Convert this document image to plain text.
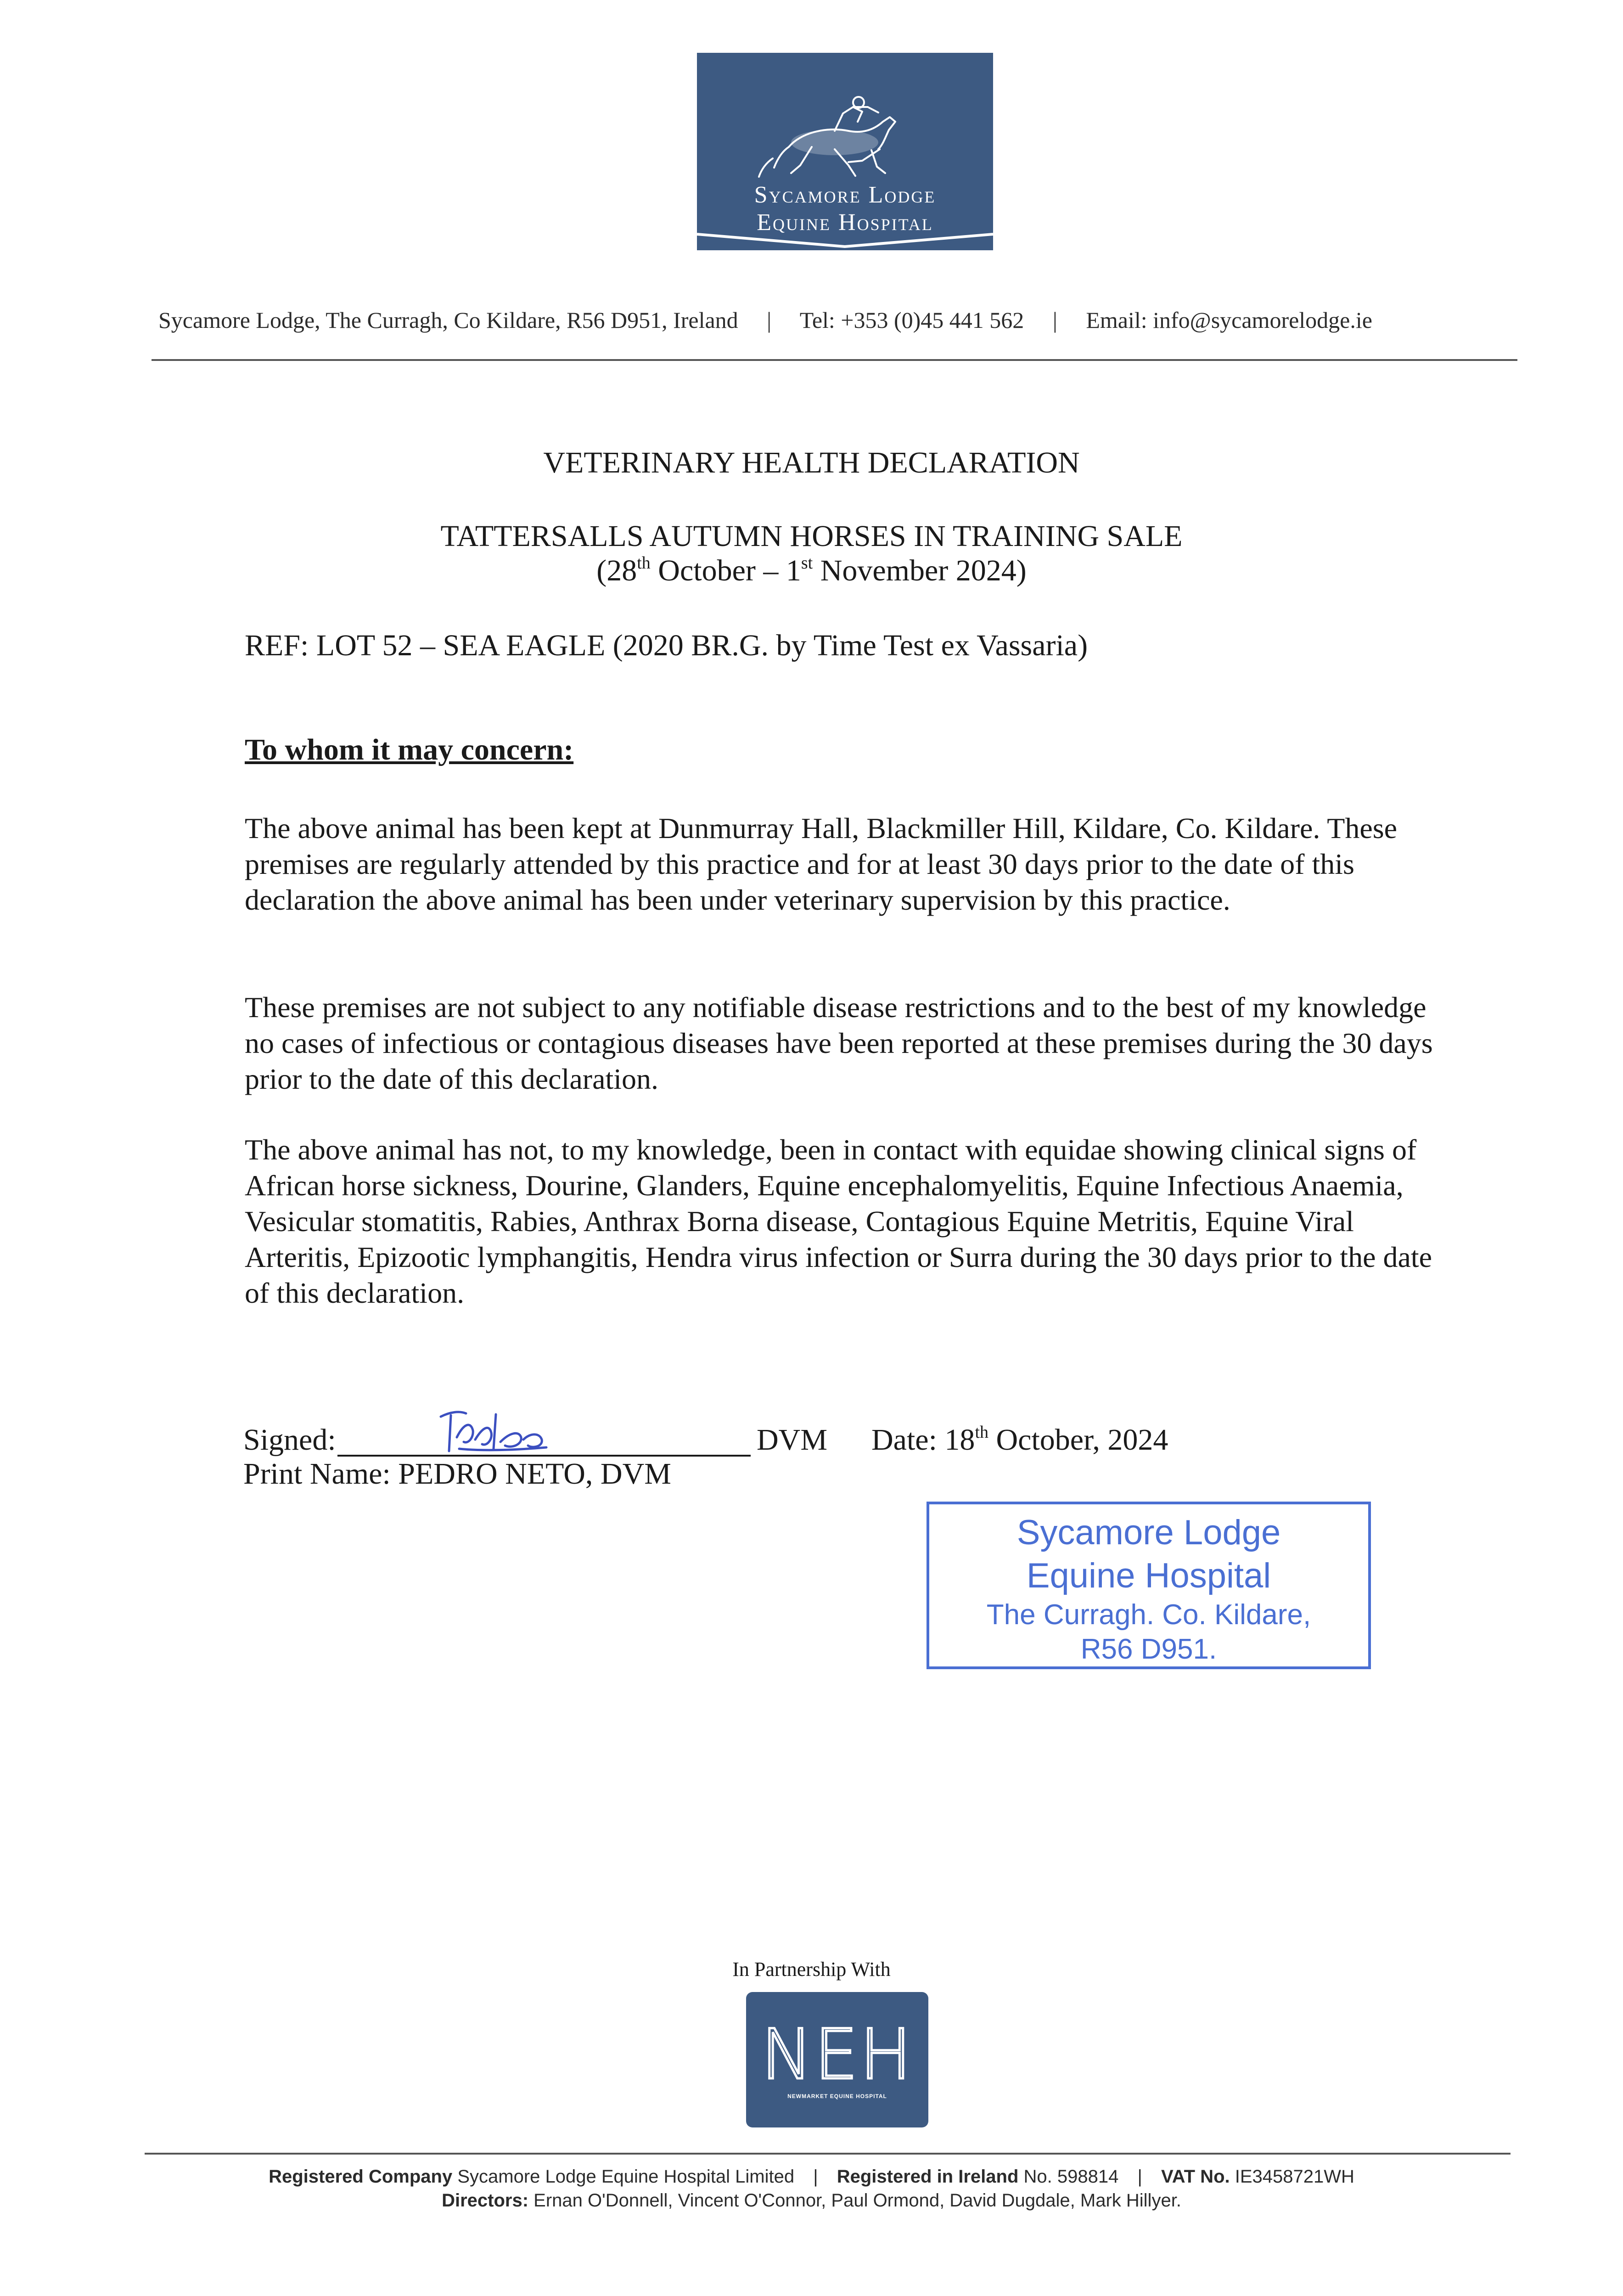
Sycamore Lodge
Equine Hospital
Sycamore Lodge, The Curragh, Co Kildare, R56 D951, Ireland | Tel: +353 (0)45 441 562 | Email: info@sycamorelodge.ie
VETERINARY HEALTH DECLARATION
TATTERSALLS AUTUMN HORSES IN TRAINING SALE
(28th October – 1st November 2024)
REF: LOT 52 – SEA EAGLE (2020 BR.G. by Time Test ex Vassaria)
To whom it may concern:

The above animal has been kept at Dunmurray Hall, Blackmiller Hill, Kildare, Co. Kildare. These premises are regularly attended by this practice and for at least 30 days prior to the date of this declaration the above animal has been under veterinary supervision by this practice.

These premises are not subject to any notifiable disease restrictions and to the best of my knowledge no cases of infectious or contagious diseases have been reported at these premises during the 30 days prior to the date of this declaration.

The above animal has not, to my knowledge, been in contact with equidae showing clinical signs of African horse sickness, Dourine, Glanders, Equine encephalomyelitis, Equine Infectious Anaemia, Vesicular stomatitis, Rabies, Anthrax Borna disease, Contagious Equine Metritis, Equine Viral Arteritis, Epizootic lymphangitis, Hendra virus infection or Surra during the 30 days prior to the date of this declaration.

Signed:	DVM Date: 18th October, 2024
Print Name: PEDRO NETO, DVM
Sycamore Lodge
Equine Hospital
The Curragh. Co. Kildare,
R56 D951.
In Partnership With
NEH
NEWMARKET EQUINE HOSPITAL
Registered Company Sycamore Lodge Equine Hospital Limited | Registered in Ireland No. 598814 | VAT No. IE3458721WH
Directors: Ernan O'Donnell, Vincent O'Connor, Paul Ormond, David Dugdale, Mark Hillyer.
